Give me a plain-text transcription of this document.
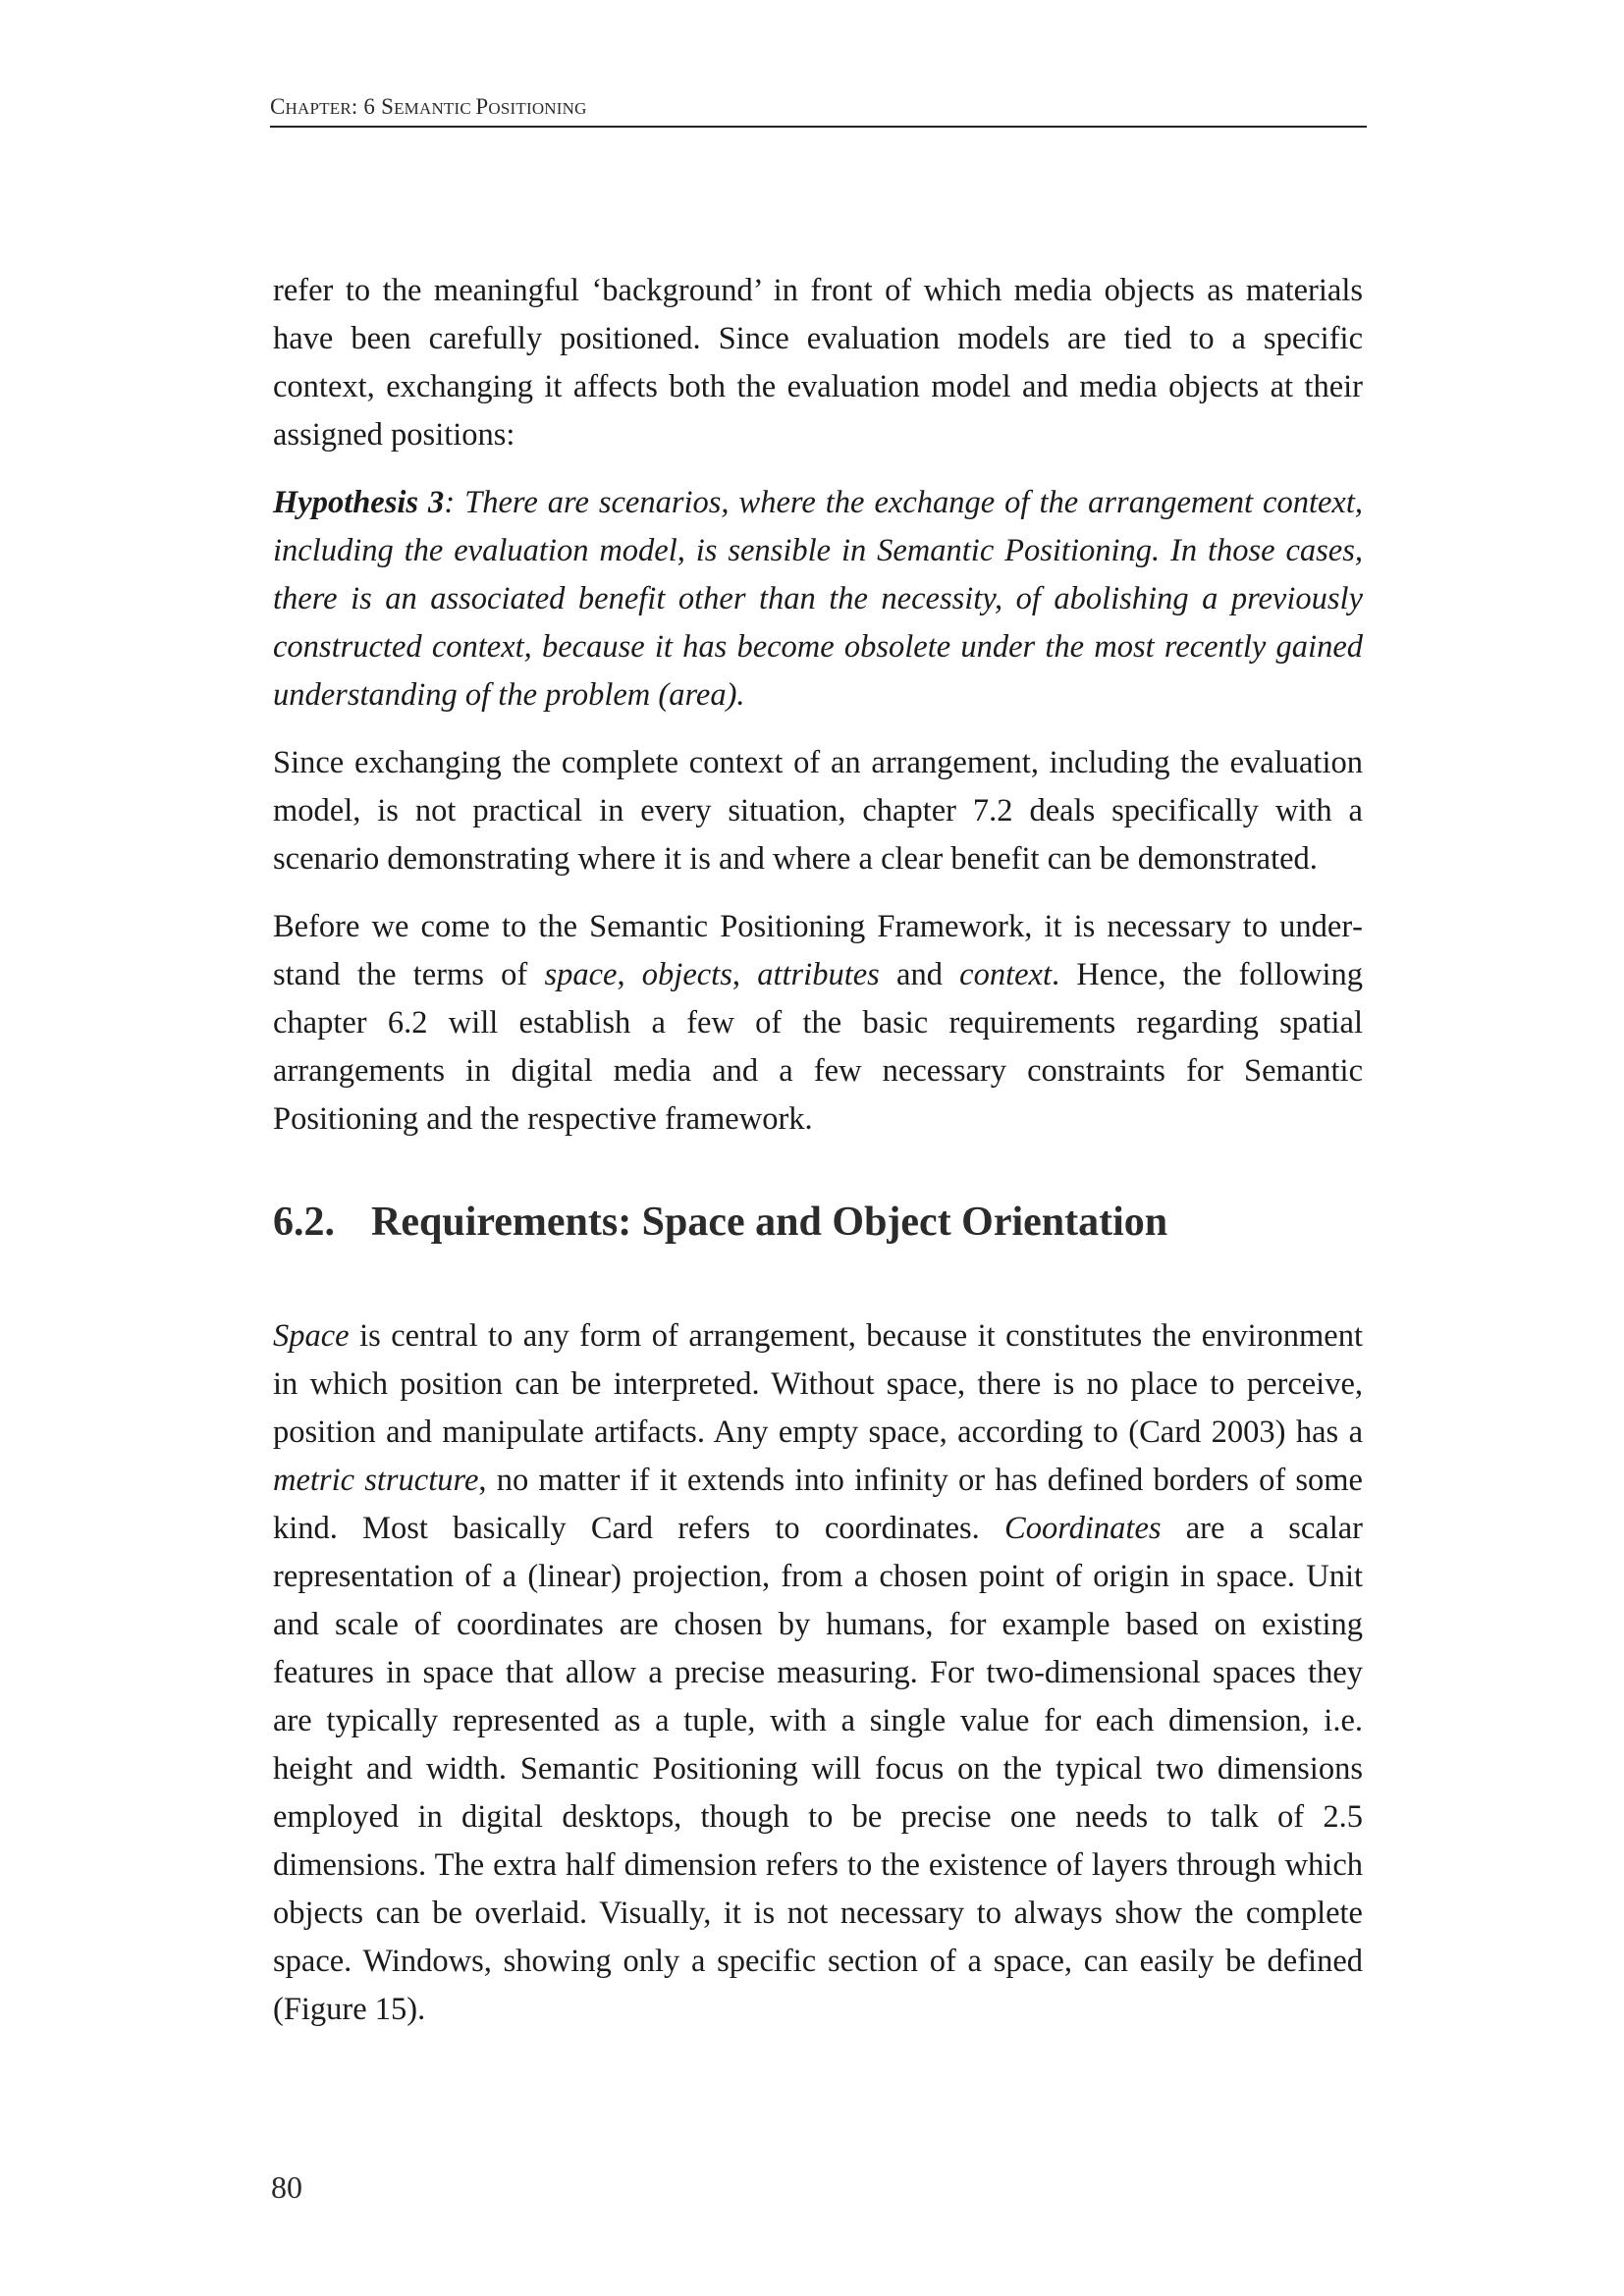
CHAPTER: 6 SEMANTIC POSITIONING

refer to the meaningful ‘background’ in front of which media objects as materials have been carefully positioned. Since evaluation models are tied to a specific context, exchanging it affects both the evaluation model and media objects at their assigned positions:

Hypothesis 3: There are scenarios, where the exchange of the arrangement context, including the evaluation model, is sensible in Semantic Positioning. In those cases, there is an associated benefit other than the necessity, of abolishing a previously constructed context, because it has become obsolete under the most recently gained understanding of the problem (area).

Since exchanging the complete context of an arrangement, including the evaluation model, is not practical in every situation, chapter 7.2 deals specifically with a scenario demonstrating where it is and where a clear benefit can be demonstrated.

Before we come to the Semantic Positioning Framework, it is necessary to understand the terms of space, objects, attributes and context. Hence, the following chapter 6.2 will establish a few of the basic requirements regarding spatial arrangements in digital media and a few necessary constraints for Semantic Positioning and the respective framework.

6.2. Requirements: Space and Object Orientation

Space is central to any form of arrangement, because it constitutes the environment in which position can be interpreted. Without space, there is no place to perceive, position and manipulate artifacts. Any empty space, according to (Card 2003) has a metric structure, no matter if it extends into infinity or has defined borders of some kind. Most basically Card refers to coordinates. Coordinates are a scalar representation of a (linear) projection, from a chosen point of origin in space. Unit and scale of coordinates are chosen by humans, for example based on existing features in space that allow a precise measuring. For two-dimensional spaces they are typically represented as a tuple, with a single value for each dimension, i.e. height and width. Semantic Positioning will focus on the typical two dimensions employed in digital desktops, though to be precise one needs to talk of 2.5 dimensions. The extra half dimension refers to the existence of layers through which objects can be overlaid. Visually, it is not necessary to always show the complete space. Windows, showing only a specific section of a space, can easily be defined (Figure 15).

80
